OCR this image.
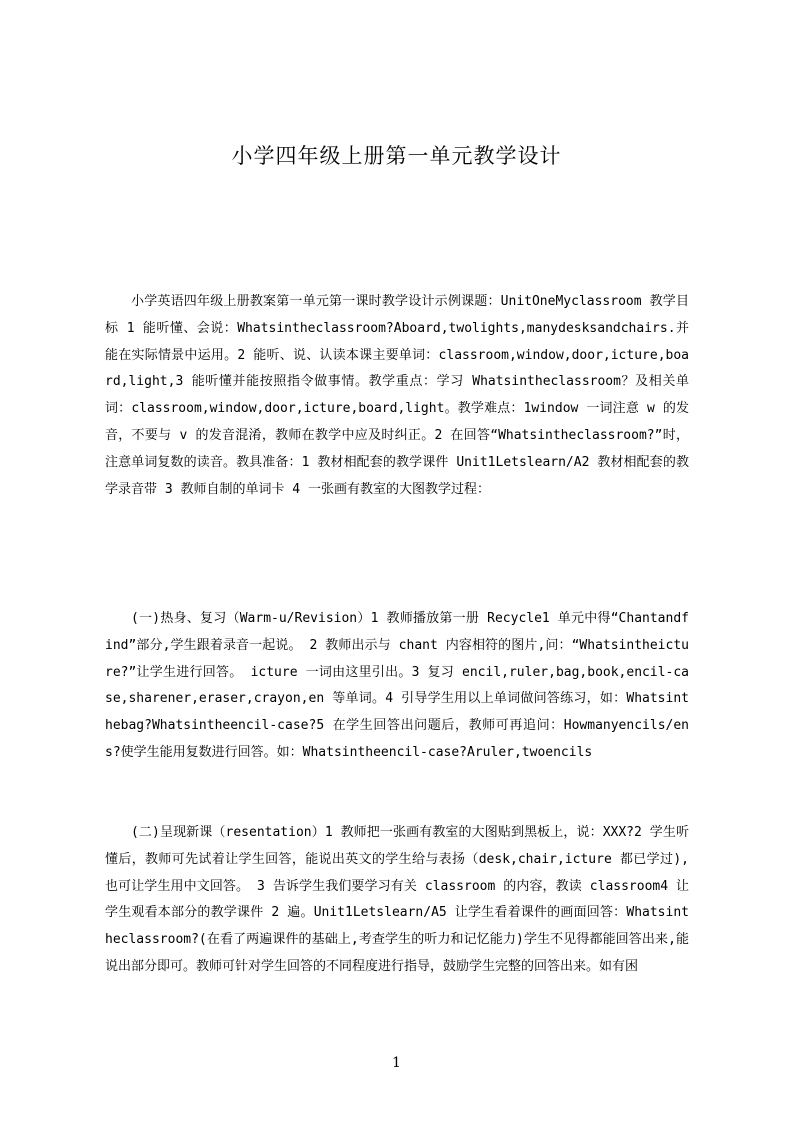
小学四年级上册第一单元教学设计
小学英语四年级上册教案第一单元第一课时教学设计示例课题：UnitOneMyclassroom 教学目标 1 能听懂、会说：Whatsintheclassroom?Aboard,twolights,manydesksandchairs.并能在实际情景中运用。2 能听、说、认读本课主要单词：classroom,window,door,icture,board,light,3 能听懂并能按照指令做事情。教学重点：学习 Whatsintheclassroom？及相关单词：classroom,window,door,icture,board,light。教学难点：1window 一词注意 w 的发音，不要与 v 的发音混淆，教师在教学中应及时纠正。2 在回答“Whatsintheclassroom?”时，注意单词复数的读音。教具准备：1 教材相配套的教学课件 Unit1Letslearn/A2 教材相配套的教学录音带 3 教师自制的单词卡 4 一张画有教室的大图教学过程：
(一)热身、复习（Warm-u/Revision）1 教师播放第一册 Recycle1 单元中得“Chantandfind”部分,学生跟着录音一起说。 2 教师出示与 chant 内容相符的图片,问：“Whatsintheicture?”让学生进行回答。 icture 一词由这里引出。3 复习 encil,ruler,bag,book,encil-case,sharener,eraser,crayon,en 等单词。4 引导学生用以上单词做问答练习，如：Whatsinthebag?Whatsintheencil-case?5 在学生回答出问题后，教师可再追问：Howmanyencils/ens?使学生能用复数进行回答。如：Whatsintheencil-case?Aruler,twoencils
(二)呈现新课（resentation）1 教师把一张画有教室的大图贴到黑板上，说：XXX?2 学生听懂后，教师可先试着让学生回答，能说出英文的学生给与表扬（desk,chair,icture 都已学过),也可让学生用中文回答。 3 告诉学生我们要学习有关 classroom 的内容，教读 classroom4 让学生观看本部分的教学课件 2 遍。Unit1Letslearn/A5 让学生看着课件的画面回答：Whatsintheclassroom?(在看了两遍课件的基础上,考查学生的听力和记忆能力)学生不见得都能回答出来,能说出部分即可。教师可针对学生回答的不同程度进行指导，鼓励学生完整的回答出来。如有困
1
